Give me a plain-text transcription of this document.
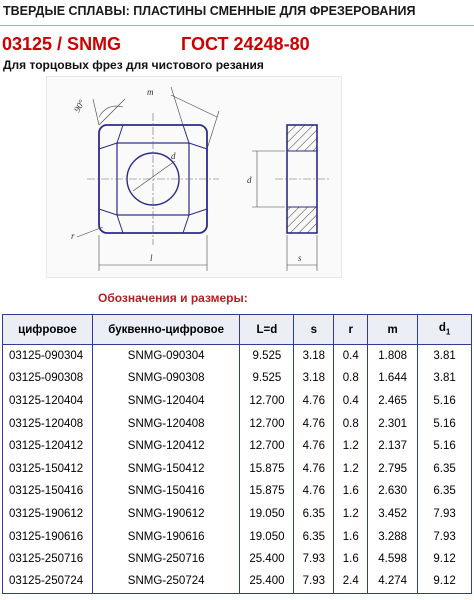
ТВЕРДЫЕ СПЛАВЫ: ПЛАСТИНЫ СМЕННЫЕ ДЛЯ ФРЕЗЕРОВАНИЯ
03125 / SNMG	ГОСТ 24248-80
Для торцовых фрез для чистового резания
d
90°
m
r
l
d
s
Обозначения и размеры:
цифровое	буквенно-цифровое	L=d	s	r	m	$d_1$
03125-090304	SNMG-090304	9.525	3.18	0.4	1.808	3.81
03125-090308	SNMG-090308	9.525	3.18	0.8	1.644	3.81
03125-120404	SNMG-120404	12.700	4.76	0.4	2.465	5.16
03125-120408	SNMG-120408	12.700	4.76	0.8	2.301	5.16
03125-120412	SNMG-120412	12.700	4.76	1.2	2.137	5.16
03125-150412	SNMG-150412	15.875	4.76	1.2	2.795	6.35
03125-150416	SNMG-150416	15.875	4.76	1.6	2.630	6.35
03125-190612	SNMG-190612	19.050	6.35	1.2	3.452	7.93
03125-190616	SNMG-190616	19.050	6.35	1.6	3.288	7.93
03125-250716	SNMG-250716	25.400	7.93	1.6	4.598	9.12
03125-250724	SNMG-250724	25.400	7.93	2.4	4.274	9.12
